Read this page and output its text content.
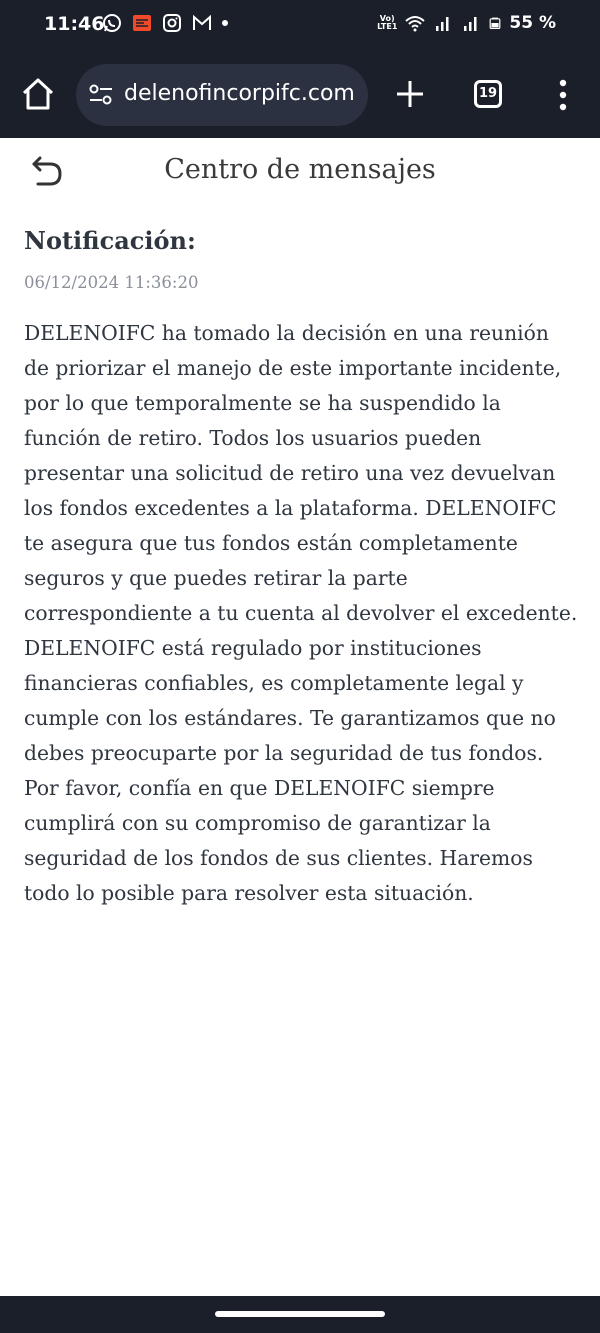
11:46	Vo)
LTE1	55 %
delenofincorpifc.com	19
Centro de mensajes
Notificación:
06/12/2024 11:36:20

DELENOIFC ha tomado la decisión en una reunión de priorizar el manejo de este importante incidente, por lo que temporalmente se ha suspendido la función de retiro. Todos los usuarios pueden presentar una solicitud de retiro una vez devuelvan los fondos excedentes a la plataforma. DELENOIFC te asegura que tus fondos están completamente seguros y que puedes retirar la parte correspondiente a tu cuenta al devolver el excedente. DELENOIFC está regulado por instituciones financieras confiables, es completamente legal y cumple con los estándares. Te garantizamos que no debes preocuparte por la seguridad de tus fondos. Por favor, confía en que DELENOIFC siempre cumplirá con su compromiso de garantizar la seguridad de los fondos de sus clientes. Haremos todo lo posible para resolver esta situación.
